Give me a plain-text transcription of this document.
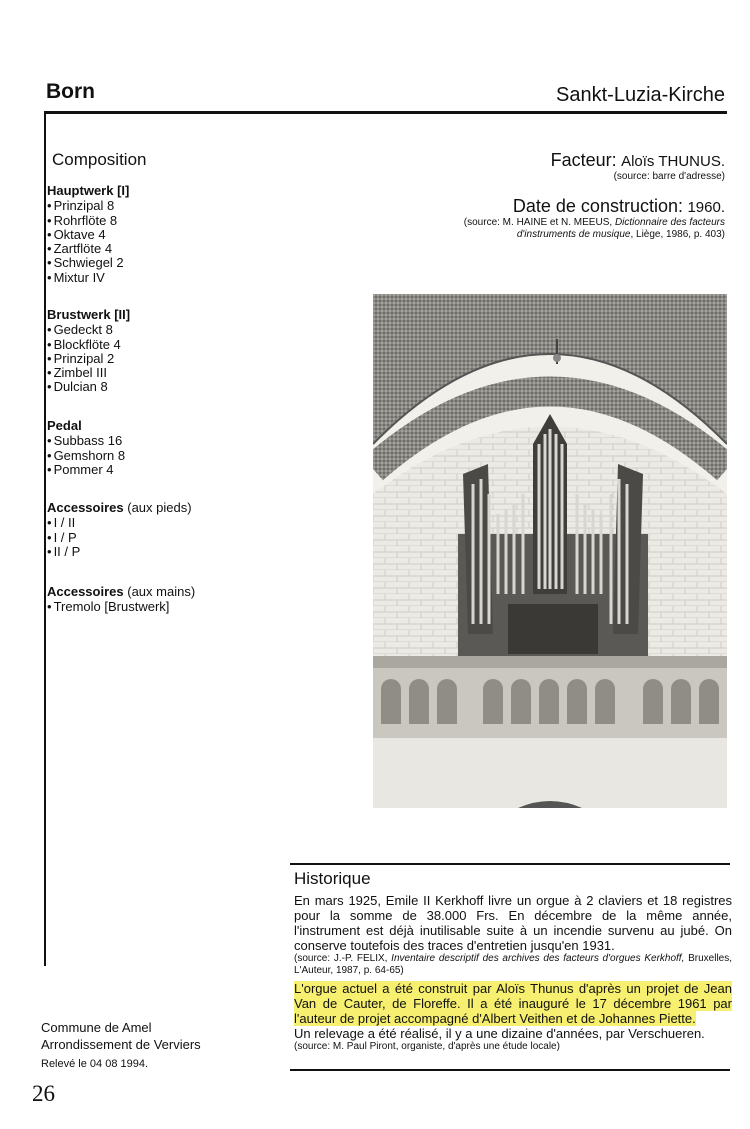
Born	Sankt-Luzia-Kirche
Composition
Hauptwerk [I]
• Prinzipal 8
• Rohrflöte 8
• Oktave 4
• Zartflöte 4
• Schwiegel 2
• Mixtur IV
Brustwerk [II]
• Gedeckt 8
• Blockflöte 4
• Prinzipal 2
• Zimbel III
• Dulcian 8
Pedal
• Subbass 16
• Gemshorn 8
• Pommer 4
Accessoires (aux pieds)
• I / II
• I / P
• II / P
Accessoires (aux mains)
• Tremolo [Brustwerk]
Facteur: Aloïs THUNUS.
(source: barre d'adresse)
Date de construction: 1960.
(source: M. HAINE et N. MEEUS, Dictionnaire des facteurs
d'instruments de musique, Liège, 1986, p. 403)
Historique

En mars 1925, Emile II Kerkhoff livre un orgue à 2 claviers et 18 registres pour la somme de 38.000 Frs. En décembre de la même année, l'instrument est déjà inutilisable suite à un incendie survenu au jubé. On conserve toutefois des traces d'entretien jusqu'en 1931.

(source: J.-P. FELIX, Inventaire descriptif des archives des facteurs d'orgues Kerkhoff, Bruxelles, L'Auteur, 1987, p. 64-65)

L'orgue actuel a été construit par Aloïs Thunus d'après un projet de Jean Van de Cauter, de Floreffe. Il a été inauguré le 17 décembre 1961 par l'auteur de projet accompagné d'Albert Veithen et de Johannes Piette.

Un relevage a été réalisé, il y a une dizaine d'années, par Verschueren.

(source: M. Paul Piront, organiste, d'après une étude locale)

Commune de Amel
Arrondissement de Verviers
Relevé le 04 08 1994.
26
